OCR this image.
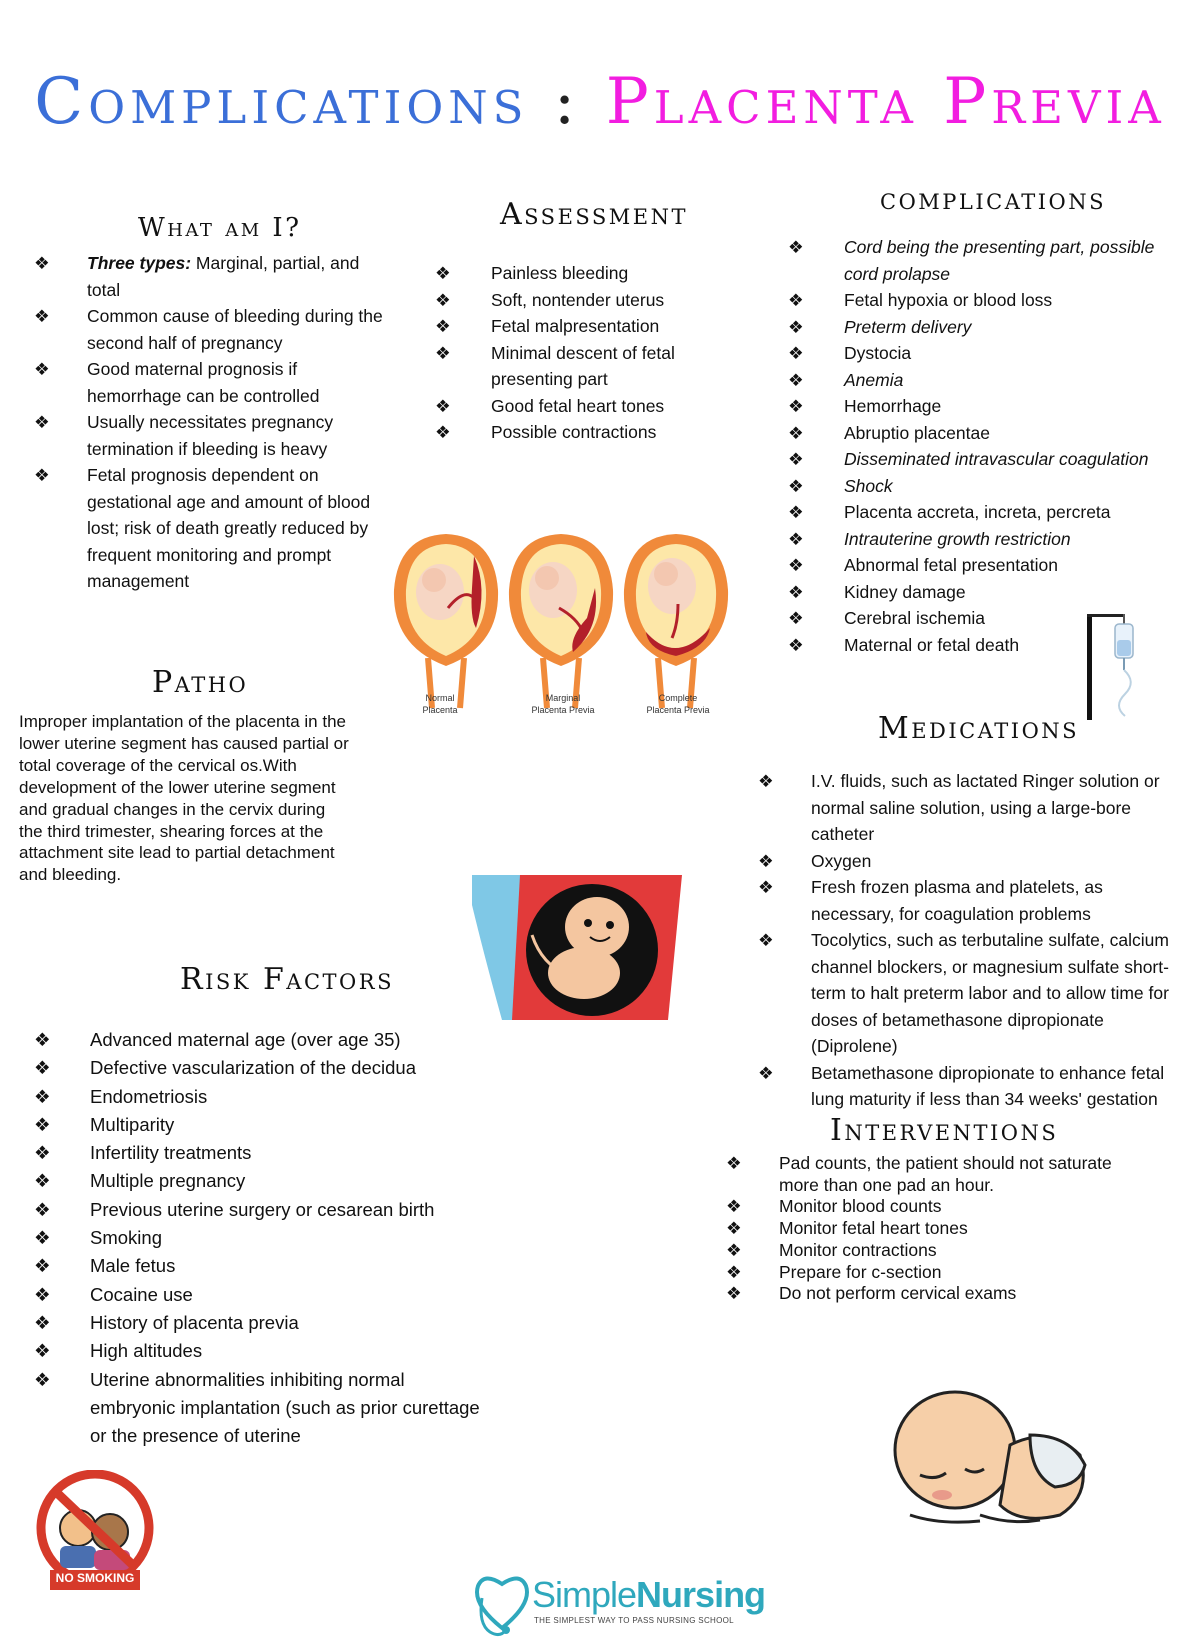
Complications : Placenta Previa
What am I?
❖ Three types: Marginal, partial, and total
❖ Common cause of bleeding during the second half of pregnancy
❖ Good maternal prognosis if hemorrhage can be controlled
❖ Usually necessitates pregnancy termination if bleeding is heavy
❖ Fetal prognosis dependent on gestational age and amount of blood lost; risk of death greatly reduced by frequent monitoring and prompt management
Assessment
❖ Painless bleeding
❖ Soft, nontender uterus
❖ Fetal malpresentation
❖ Minimal descent of fetal presenting part
❖ Good fetal heart tones
❖ Possible contractions
complications
❖ Cord being the presenting part, possible cord prolapse
❖ Fetal hypoxia or blood loss
❖ Preterm delivery
❖ Dystocia
❖ Anemia
❖ Hemorrhage
❖ Abruptio placentae
❖ Disseminated intravascular coagulation
❖ Shock
❖ Placenta accreta, increta, percreta
❖ Intrauterine growth restriction
❖ Abnormal fetal presentation
❖ Kidney damage
❖ Cerebral ischemia
❖ Maternal or fetal death
Normal
Placenta
Marginal
Placenta Previa
Complete
Placenta Previa
Patho
Improper implantation of the placenta in the lower uterine segment has caused partial or total coverage of the cervical os.With development of the lower uterine segment and gradual changes in the cervix during the third trimester, shearing forces at the attachment site lead to partial detachment and bleeding.
Medications
❖ I.V. fluids, such as lactated Ringer solution or normal saline solution, using a large-bore catheter
❖ Oxygen
❖ Fresh frozen plasma and platelets, as necessary, for coagulation problems
❖ Tocolytics, such as terbutaline sulfate, calcium channel blockers, or magnesium sulfate short-term to halt preterm labor and to allow time for doses of betamethasone dipropionate (Diprolene)
❖ Betamethasone dipropionate to enhance fetal lung maturity if less than 34 weeks' gestation
Risk Factors
❖ Advanced maternal age (over age 35)
❖ Defective vascularization of the decidua
❖ Endometriosis
❖ Multiparity
❖ Infertility treatments
❖ Multiple pregnancy
❖ Previous uterine surgery or cesarean birth
❖ Smoking
❖ Male fetus
❖ Cocaine use
❖ History of placenta previa
❖ High altitudes
❖ Uterine abnormalities inhibiting normal embryonic implantation (such as prior curettage or the presence of uterine
Interventions
❖ Pad counts, the patient should not saturate more than one pad an hour.
❖ Monitor blood counts
❖ Monitor fetal heart tones
❖ Monitor contractions
❖ Prepare for c-section
❖ Do not perform cervical exams
NO SMOKING	SimpleNursing
THE SIMPLEST WAY TO PASS NURSING SCHOOL
